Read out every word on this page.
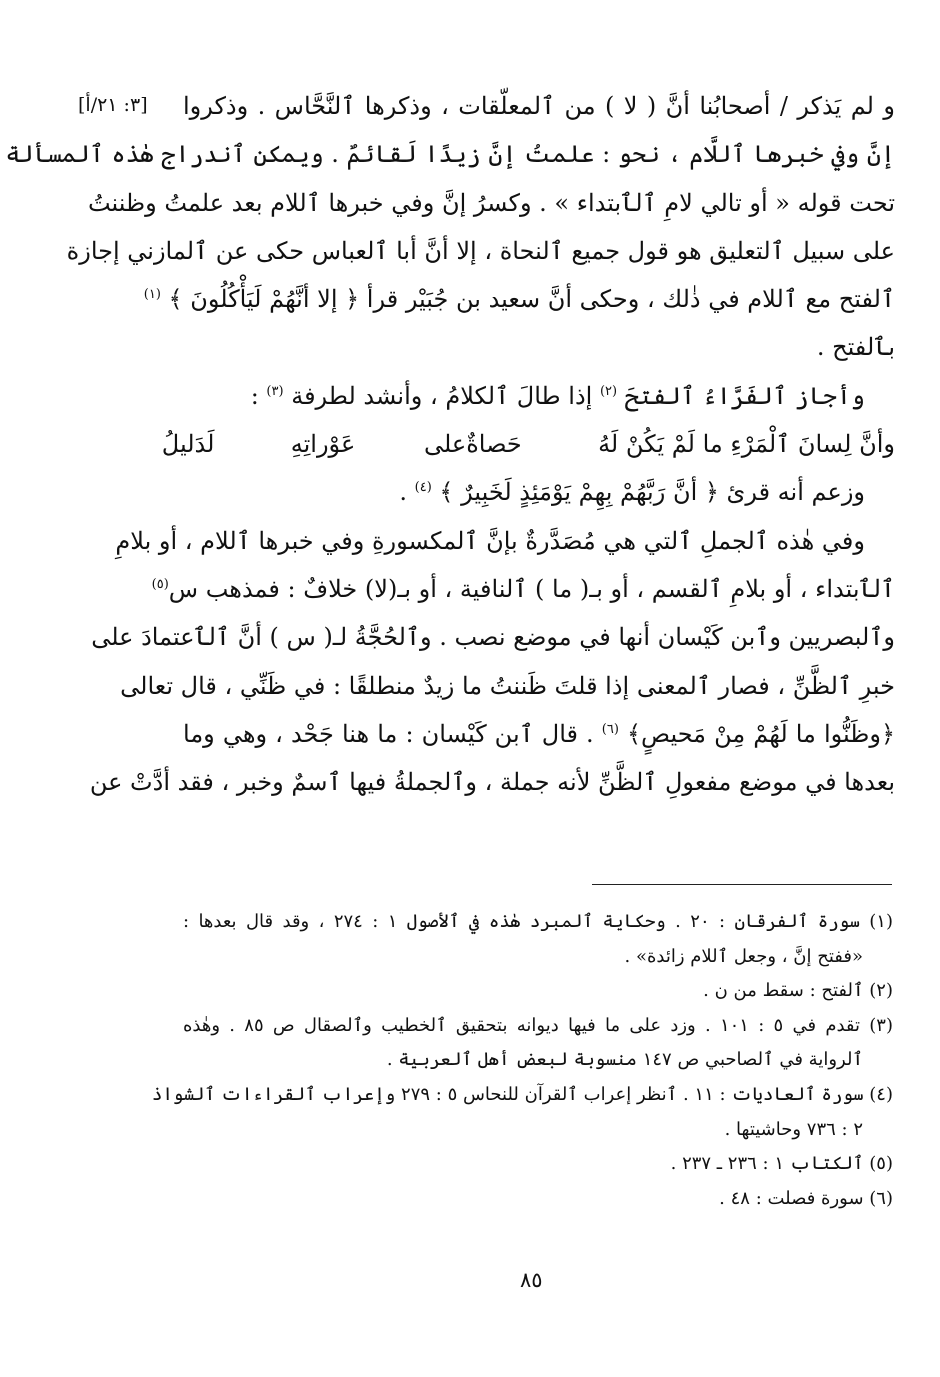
[٣: ٢١/أ] و لم يَذكر / أصحابُنا أنَّ ( لا ) من ٱلمعلّقات ، وذكرها ٱلنَّحَّاس . وذكروا
إنَّ وفي خبرها ٱللَّام ، نحو : علمتُ إنَّ زيدًا لَقائمٌ . ويمكن ٱندراج هٰذه ٱلمسألة
تحت قوله « أو تالي لامِ ٱلٱبتداء » . وكسرُ إنَّ وفي خبرها ٱللام بعد علمتُ وظننتُ
على سبيل ٱلتعليق هو قول جميع ٱلنحاة ، إلا أنَّ أبا ٱلعباس حكى عن ٱلمازني إجازة
ٱلفتح مع ٱللام في ذٰلك ، وحكى أنَّ سعيد بن جُبَيْر قرأ ﴿ إلا أنَّهُمْ لَيَأْكُلُونَ ﴾ $^{(١)}$
بٱلفتح .
وأجاز ٱلفَرَّاءُ ٱلفتحَ $^{(٢)}$ إذا طالَ ٱلكلامُ ، وأنشد لطرفة $^{(٣)}$ :
وأنَّ لِسانَ ٱلْمَرْءِ ما لَمْ يَكُنْ لَهُ          حَصاةٌ
على         عَوْراتِهِ          لَدَليلُ
وزعم أنه قرئ ﴿ أنَّ رَبَّهُمْ بِهِمْ يَوْمَئِذٍ لَخَبِيرٌ ﴾ $^{(٤)}$ .
وفي هٰذه ٱلجملِ ٱلتي هي مُصَدَّرةٌ بإنَّ ٱلمكسورةِ وفي خبرها ٱللام ، أو بلامِ
ٱلٱبتداء ، أو بلامِ ٱلقسم ، أو بـ( ما ) ٱلنافية ، أو بـ(لا) خلافٌ : فمذهب س$^{(٥)}$
وٱلبصريين وٱبن كَيْسان أنها في موضع نصب . وٱلحُجَّةُ لـ( س ) أنَّ ٱلٱعتمادَ على
خبرِ ٱلظَّنِّ ، فصار ٱلمعنى إذا قلتَ ظَننتُ ما زيدٌ منطلقًا : في ظَنِّي ، قال تعالى
﴿وظَنُّوا ما لَهُمْ مِنْ مَحيصٍ﴾ $^{(٦)}$ . قال ٱبن كَيْسان : ما هنا جَحْد ، وهي وما
بعدها في موضع مفعولِ ٱلظَّنِّ لأنه جملة ، وٱلجملةُ فيها ٱسمٌ وخبر ، فقد أدَّتْ عن
(١) سورة ٱلفرقان : ٢٠ . وحكاية ٱلمبرد هٰذه في ٱلأصول ١ : ٢٧٤ ، وقد قال بعدها :
«ففتح إنَّ ، وجعل ٱللام زائدة» .
(٢) ٱلفتح : سقط من ن .
(٣) تقدم في ٥ : ١٠١ . وزد على ما فيها ديوانه بتحقيق ٱلخطيب وٱلصقال ص ٨٥ . وهٰذه
ٱلرواية في ٱلصاحبي ص ١٤٧ منسوبة لبعض أهل ٱلعربية .
(٤) سورة ٱلعاديات : ١١ . ٱنظر إعراب ٱلقرآن للنحاس ٥ : ٢٧٩ وإعراب ٱلقراءات ٱلشواذ
٢ : ٧٣٦ وحاشيتها .
(٥) ٱلكتاب ١ : ٢٣٦ ـ ٢٣٧ .
(٦) سورة فصلت : ٤٨ .
٨٥
